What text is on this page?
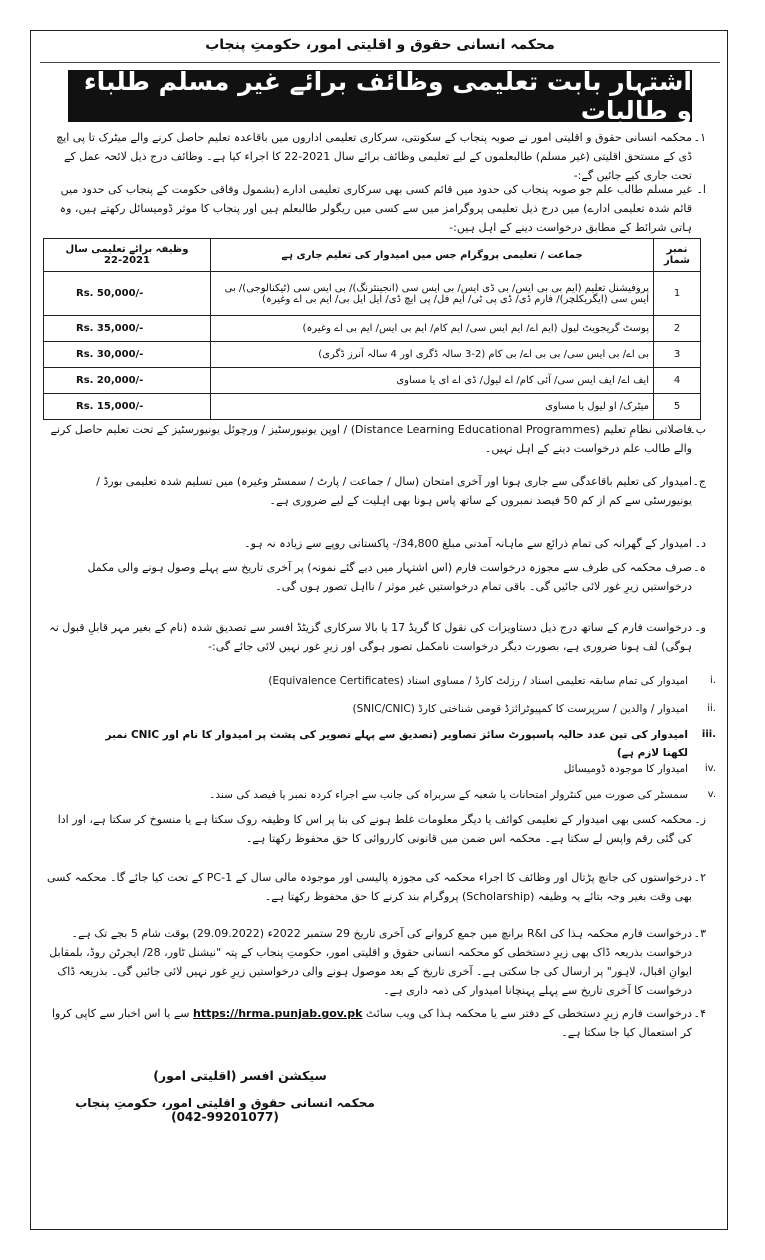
محکمہ انسانی حقوق و اقلیتی امور، حکومتِ پنجاب
اشتہار بابت تعلیمی وظائف برائے غیر مسلم طلباء و طالبات
۱۔
محکمہ انسانی حقوق و اقلیتی امور نے صوبہ پنجاب کے سکونتی، سرکاری تعلیمی اداروں میں باقاعدہ تعلیم حاصل کرنے والے میٹرک تا پی ایچ ڈی کے مستحق اقلیتی (غیر مسلم) طالبعلموں کے لیے تعلیمی وظائف برائے سال 2021-22 کا اجراء کیا ہے۔ وظائف درج ذیل لائحہ عمل کے تحت جاری کیے جائیں گے:-
ا۔
غیر مسلم طالب علم جو صوبہ پنجاب کی حدود میں قائم کسی بھی سرکاری تعلیمی ادارے (بشمول وفاقی حکومت کے پنجاب کی حدود میں قائم شدہ تعلیمی ادارے) میں درج ذیل تعلیمی پروگرامز میں سے کسی میں ریگولر طالبعلم ہیں اور پنجاب کا موثر ڈومیسائل رکھتے ہیں، وہ ہاتی شرائط کے مطابق درخواست دینے کے اہل ہیں:-
نمبر شمار	جماعت / تعلیمی پروگرام جس میں امیدوار کی تعلیم جاری ہے	وظیفہ برائے تعلیمی سال 2021-22
1	پروفیشنل تعلیم (ایم بی بی ایس/ بی ڈی ایس/ بی ایس سی (انجینئرنگ)/ بی ایس سی (ٹیکنالوجی)/ بی ایس سی (ایگریکلچر)/ فارم ڈی/ ڈی پی ٹی/ ایم فل/ پی ایچ ڈی/ ایل ایل بی/ ایم بی اے وغیرہ)	Rs. 50,000/-
2	پوسٹ گریجویٹ لیول (ایم اے/ ایم ایس سی/ ایم کام/ ایم بی ایس/ ایم بی اے وغیرہ)	Rs. 35,000/-
3	بی اے/ بی ایس سی/ بی بی اے/ بی کام (2-3 سالہ ڈگری اور 4 سالہ آنرز ڈگری)	Rs. 30,000/-
4	ایف اے/ ایف ایس سی/ آئی کام/ اے لیول/ ڈی اے ای یا مساوی	Rs. 20,000/-
5	میٹرک/ او لیول یا مساوی	Rs. 15,000/-
ب۔
فاصلاتی نظامِ تعلیم (Distance Learning Educational Programmes) / اوپن یونیورسٹیز / ورچوئل یونیورسٹیز کے تحت تعلیم حاصل کرنے والے طالب علم درخواست دینے کے اہل نہیں۔
ج۔
امیدوار کی تعلیم باقاعدگی سے جاری ہونا اور آخری امتحان (سال / جماعت / پارٹ / سمسٹر وغیرہ) میں تسلیم شدہ تعلیمی بورڈ / یونیورسٹی سے کم از کم 50 فیصد نمبروں کے ساتھ پاس ہونا بھی اہلیت کے لیے ضروری ہے۔
د۔
امیدوار کے گھرانہ کی تمام ذرائع سے ماہانہ آمدنی مبلغ 34,800/- پاکستانی روپے سے زیادہ نہ ہو۔
ہ۔
صرف محکمہ کی طرف سے مجوزہ درخواست فارم (اس اشتہار میں دیے گئے نمونہ) پر آخری تاریخ سے پہلے وصول ہونے والی مکمل درخواستیں زیرِ غور لائی جائیں گی۔ باقی تمام درخواستیں غیر موثر / نااہل تصور ہوں گی۔
و۔
درخواست فارم کے ساتھ درج ذیل دستاویزات کی نقول کا گریڈ 17 یا بالا سرکاری گزیٹڈ افسر سے تصدیق شدہ (نام کے بغیر مہر قابلِ قبول نہ ہوگی) لف ہونا ضروری ہے، بصورت دیگر درخواست نامکمل تصور ہوگی اور زیرِ غور نہیں لائی جائے گی:-
i.
امیدوار کی تمام سابقہ تعلیمی اسناد / رزلٹ کارڈ / مساوی اسناد (Equivalence Certificates)
ii.
امیدوار / والدین / سرپرست کا کمپیوٹرائزڈ قومی شناختی کارڈ (SNIC/CNIC)
iii.
امیدوار کی تین عدد حالیہ پاسپورٹ سائز تصاویر (تصدیق سے پہلے تصویر کی پشت پر امیدوار کا نام اور CNIC نمبر لکھنا لازم ہے)
iv.
امیدوار کا موجودہ ڈومیسائل
v.
سمسٹر کی صورت میں کنٹرولر امتحانات یا شعبہ کے سربراہ کی جانب سے اجراء کردہ نمبر یا فیصد کی سند۔
ز۔
محکمہ کسی بھی امیدوار کے تعلیمی کوائف یا دیگر معلومات غلط ہونے کی بنا پر اس کا وظیفہ روک سکتا ہے یا منسوخ کر سکتا ہے، اور ادا کی گئی رقم واپس لے سکتا ہے۔ محکمہ اس ضمن میں قانونی کارروائی کا حق محفوظ رکھتا ہے۔
۲۔
درخواستوں کی جانچ پڑتال اور وظائف کا اجراء محکمہ کی مجوزہ پالیسی اور موجودہ مالی سال کے PC-1 کے تحت کیا جائے گا۔ محکمہ کسی بھی وقت بغیر وجہ بتائے یہ وظیفہ (Scholarship) پروگرام بند کرنے کا حق محفوظ رکھتا ہے۔
۳۔
درخواست فارم محکمہ ہذا کی R&I برانچ میں جمع کروانے کی آخری تاریخ 29 ستمبر 2022ء (29.09.2022) بوقت شام 5 بجے تک ہے۔ درخواست بذریعہ ڈاک بھی زیرِ دستخطی کو محکمہ انسانی حقوق و اقلیتی امور، حکومتِ پنجاب کے پتہ "نیشنل ٹاور، 28/ ایجرٹن روڈ، بلمقابل ایوانِ اقبال، لاہور" پر ارسال کی جا سکتی ہے۔ آخری تاریخ کے بعد موصول ہونے والی درخواستیں زیرِ غور نہیں لائی جائیں گی۔ بذریعہ ڈاک درخواست کا آخری تاریخ سے پہلے پہنچانا امیدوار کی ذمہ داری ہے۔
۴۔
درخواست فارم زیرِ دستخطی کے دفتر سے یا محکمہ ہذا کی ویب سائٹ https://hrma.punjab.gov.pk سے یا اس اخبار سے کاپی کروا کر استعمال کیا جا سکتا ہے۔
سیکشن افسر (اقلیتی امور)
محکمہ انسانی حقوق و اقلیتی امور، حکومتِ پنجاب (042-99201077)
